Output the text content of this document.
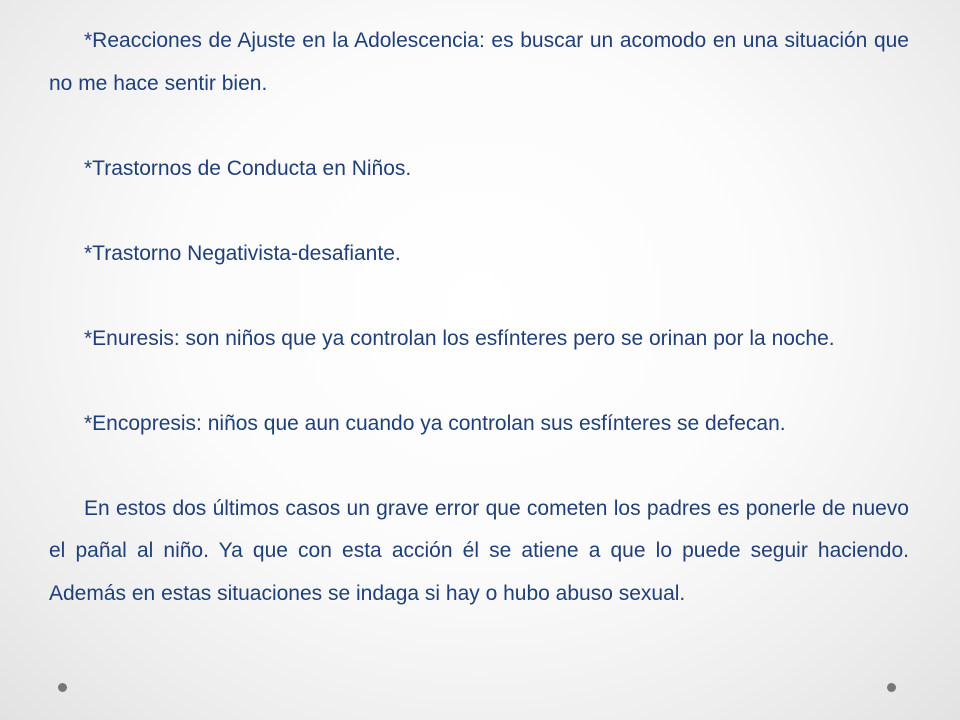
*Reacciones de Ajuste en la Adolescencia: es buscar un acomodo en una situación que no me hace sentir bien.

*Trastornos de Conducta en Niños.

*Trastorno Negativista-desafiante.

*Enuresis: son niños que ya controlan los esfínteres pero se orinan por la noche.

*Encopresis: niños que aun cuando ya controlan sus esfínteres se defecan.

En estos dos últimos casos un grave error que cometen los padres es ponerle de nuevo el pañal al niño. Ya que con esta acción él se atiene a que lo puede seguir haciendo. Además en estas situaciones se indaga si hay o hubo abuso sexual.
